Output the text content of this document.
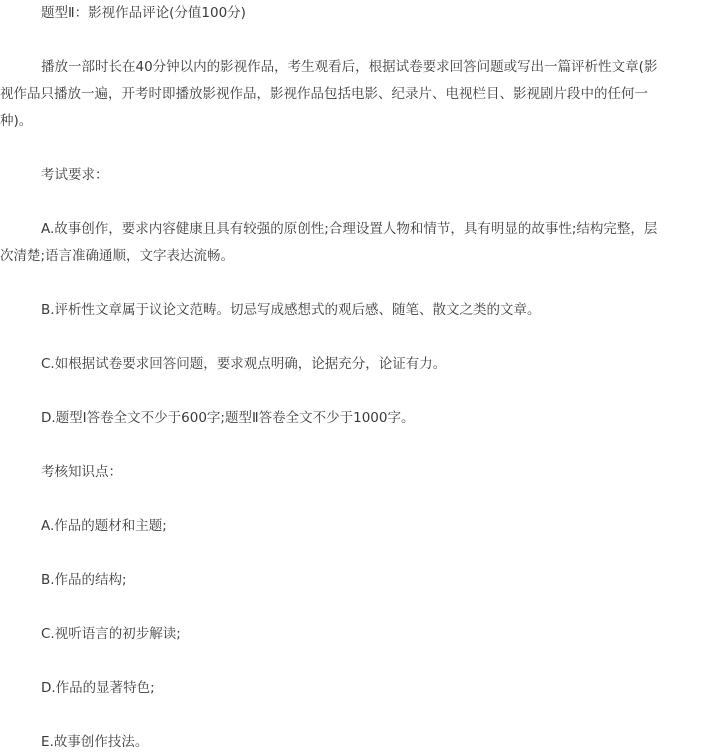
题型Ⅱ：影视作品评论(分值100分)

播放一部时长在40分钟以内的影视作品，考生观看后，根据试卷要求回答问题或写出一篇评析性文章(影

视作品只播放一遍，开考时即播放影视作品，影视作品包括电影、纪录片、电视栏目、影视剧片段中的任何一

种)。

考试要求：

A.故事创作，要求内容健康且具有较强的原创性;合理设置人物和情节，具有明显的故事性;结构完整，层

次清楚;语言准确通顺，文字表达流畅。

B.评析性文章属于议论文范畴。切忌写成感想式的观后感、随笔、散文之类的文章。

C.如根据试卷要求回答问题，要求观点明确，论据充分，论证有力。

D.题型Ⅰ答卷全文不少于600字;题型Ⅱ答卷全文不少于1000字。

考核知识点：

A.作品的题材和主题;

B.作品的结构;

C.视听语言的初步解读;

D.作品的显著特色;

E.故事创作技法。
